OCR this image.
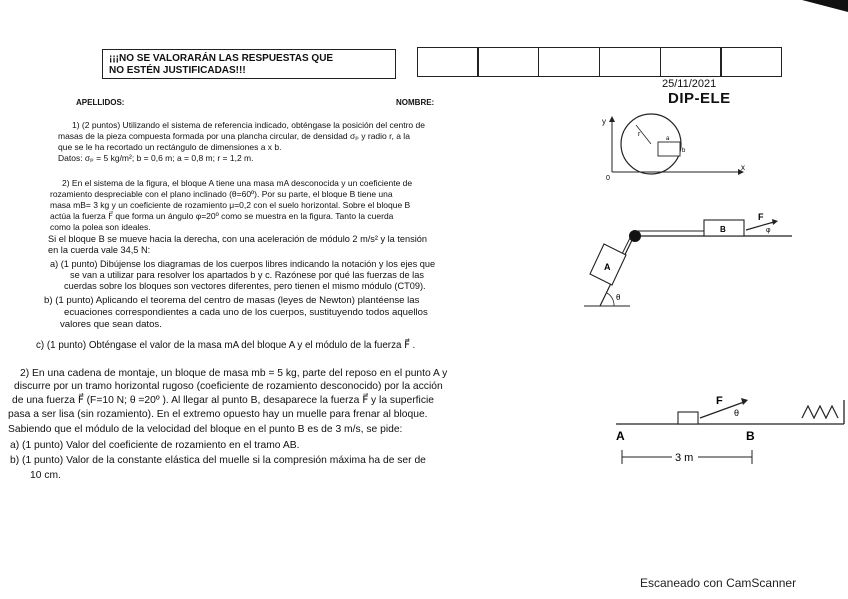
¡¡¡NO SE VALORARÁN LAS RESPUESTAS QUE
NO ESTÉN JUSTIFICADAS!!!
25/11/2021
DIP-ELE
APELLIDOS:	NOMBRE:
1) (2 puntos) Utilizando el sistema de referencia indicado, obténgase la posición del centro de
masas de la pieza compuesta formada por una plancha circular, de densidad σₚ y radio r, a la
que se le ha recortado un rectángulo de dimensiones a x b.
Datos: σₚ = 5 kg/m²; b = 0,6 m; a = 0,8 m; r = 1,2 m.
2) En el sistema de la figura, el bloque A tiene una masa mA desconocida y un coeficiente de
rozamiento despreciable con el plano inclinado (θ=60º). Por su parte, el bloque B tiene una
masa mB= 3 kg y un coeficiente de rozamiento μ=0,2 con el suelo horizontal. Sobre el bloque B
actúa la fuerza F⃗ que forma un ángulo φ=20º como se muestra en la figura. Tanto la cuerda
como la polea son ideales.
Si el bloque B se mueve hacia la derecha, con una aceleración de módulo 2 m/s² y la tensión
en la cuerda vale 34,5 N:
a) (1 punto) Dibújense los diagramas de los cuerpos libres indicando la notación y los ejes que
se van a utilizar para resolver los apartados b y c. Razónese por qué las fuerzas de las
cuerdas sobre los bloques son vectores diferentes, pero tienen el mismo módulo (CT09).
b) (1 punto) Aplicando el teorema del centro de masas (leyes de Newton) plantéense las
ecuaciones correspondientes a cada uno de los cuerpos, sustituyendo todos aquellos
valores que sean datos.
c) (1 punto) Obténgase el valor de la masa mA del bloque A y el módulo de la fuerza F⃗ .
2) En una cadena de montaje, un bloque de masa mb = 5 kg, parte del reposo en el punto A y
discurre por un tramo horizontal rugoso (coeficiente de rozamiento desconocido) por la acción
de una fuerza F⃗ (F=10 N; θ =20º ). Al llegar al punto B, desaparece la fuerza F⃗ y la superficie
pasa a ser lisa (sin rozamiento). En el extremo opuesto hay un muelle para frenar al bloque.
Sabiendo que el módulo de la velocidad del bloque en el punto B es de 3 m/s, se pide:
a) (1 punto) Valor del coeficiente de rozamiento en el tramo AB.
b) (1 punto) Valor de la constante elástica del muelle si la compresión máxima ha de ser de
10 cm.
y
x
0
r
a
b
A
B
F
φ
θ
F
θ
A	B
3 m
Escaneado con CamScanner
